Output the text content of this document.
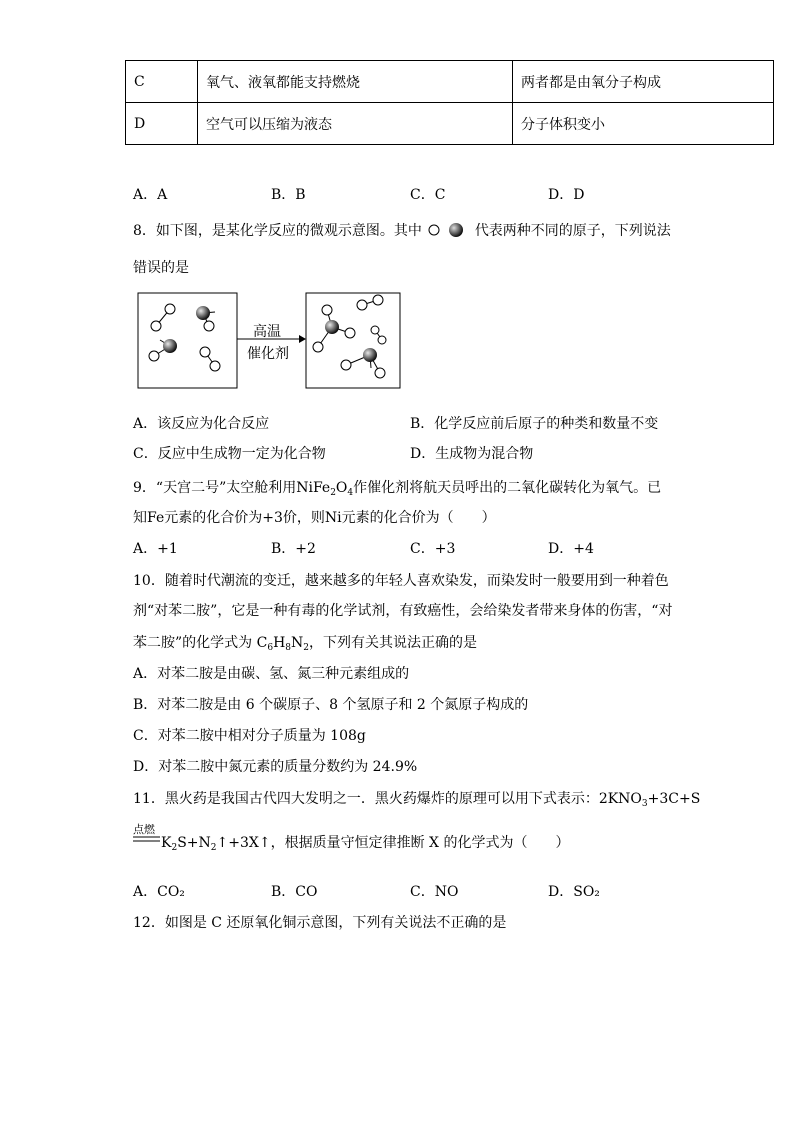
C	氧气、液氧都能支持燃烧	两者都是由氧分子构成
D	空气可以压缩为液态	分子体积变小
A．A	B．B	C．C	D．D
8．如下图，是某化学反应的微观示意图。其中	代表两种不同的原子，下列说法
错误的是
高温
催化剂
A．该反应为化合反应	B．化学反应前后原子的种类和数量不变
C．反应中生成物一定为化合物	D．生成物为混合物
9．“天宫二号”太空舱利用$NiFe_2O_4$作催化剂将航天员呼出的二氧化碳转化为氧气。已
知Fe元素的化合价为+3价，则Ni元素的化合价为（　　）
A．+1	B．+2	C．+3	D．+4
10．随着时代潮流的变迁，越来越多的年轻人喜欢染发，而染发时一般要用到一种着色
剂“对苯二胺”，它是一种有毒的化学试剂，有致癌性，会给染发者带来身体的伤害，“对
苯二胺”的化学式为 $C_6H_8N_2$，下列有关其说法正确的是
A．对苯二胺是由碳、氢、氮三种元素组成的
B．对苯二胺是由 6 个碳原子、8 个氢原子和 2 个氮原子构成的
C．对苯二胺中相对分子质量为 108g
D．对苯二胺中氮元素的质量分数约为 24.9%
11．黑火药是我国古代四大发明之一．黑火药爆炸的原理可以用下式表示：$2KNO_3+3C+S$
点燃
$K_2S+N_2↑+3X↑$，根据质量守恒定律推断 X 的化学式为（　　）
A．CO₂	B．CO	C．NO	D．SO₂
12．如图是 C 还原氧化铜示意图，下列有关说法不正确的是
